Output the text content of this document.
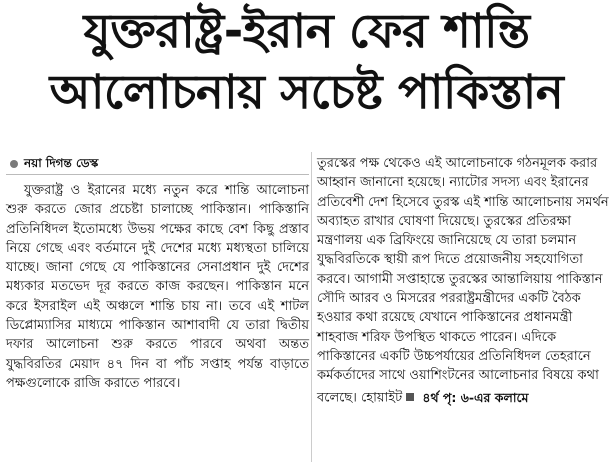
যুক্তরাষ্ট্র-ইরান ফের শান্তি
আলোচনায় সচেষ্ট পাকিস্তান
নয়া দিগন্ত ডেস্ক

যুক্তরাষ্ট্র ও ইরানের মধ্যে নতুন করে শান্তি আলোচনা শুরু করতে জোর প্রচেষ্টা চালাচ্ছে পাকিস্তান। পাকিস্তানি প্রতিনিধিদল ইতোমধ্যে উভয় পক্ষের কাছে বেশ কিছু প্রস্তাব নিয়ে গেছে এবং বর্তমানে দুই দেশের মধ্যে মধ্যস্থতা চালিয়ে যাচ্ছে। জানা গেছে যে পাকিস্তানের সেনাপ্রধান দুই দেশের মধ্যকার মতভেদ দূর করতে কাজ করছেন। পাকিস্তান মনে করে ইসরাইল এই অঞ্চলে শান্তি চায় না। তবে এই শাটল ডিপ্লোম্যাসির মাধ্যমে পাকিস্তান আশাবাদী যে তারা দ্বিতীয় দফার আলোচনা শুরু করতে পারবে অথবা অন্তত যুদ্ধবিরতির মেয়াদ ৪৭ দিন বা পাঁচ সপ্তাহ পর্যন্ত বাড়াতে পক্ষগুলোকে রাজি করাতে পারবে।

তুরস্কের পক্ষ থেকেও এই আলোচনাকে গঠনমূলক করার আহ্বান জানানো হয়েছে। ন্যাটোর সদস্য এবং ইরানের প্রতিবেশী দেশ হিসেবে তুরস্ক এই শান্তি আলোচনায় সমর্থন অব্যাহত রাখার ঘোষণা দিয়েছে। তুরস্কের প্রতিরক্ষা মন্ত্রণালয় এক ব্রিফিংয়ে জানিয়েছে যে তারা চলমান যুদ্ধবিরতিকে স্থায়ী রূপ দিতে প্রয়োজনীয় সহযোগিতা করবে। আগামী সপ্তাহান্তে তুরস্কের আন্তালিয়ায় পাকিস্তান সৌদি আরব ও মিসরের পররাষ্ট্রমন্ত্রীদের একটি বৈঠক হওয়ার কথা রয়েছে যেখানে পাকিস্তানের প্রধানমন্ত্রী শাহবাজ শরিফ উপস্থিত থাকতে পারেন। এদিকে পাকিস্তানের একটি উচ্চপর্যায়ের প্রতিনিধিদল তেহরানে কর্মকর্তাদের সাথে ওয়াশিংটনের আলোচনার বিষয়ে কথা বলেছে। হোয়াইট

৪র্থ পৃ: ৬-এর কলামে
